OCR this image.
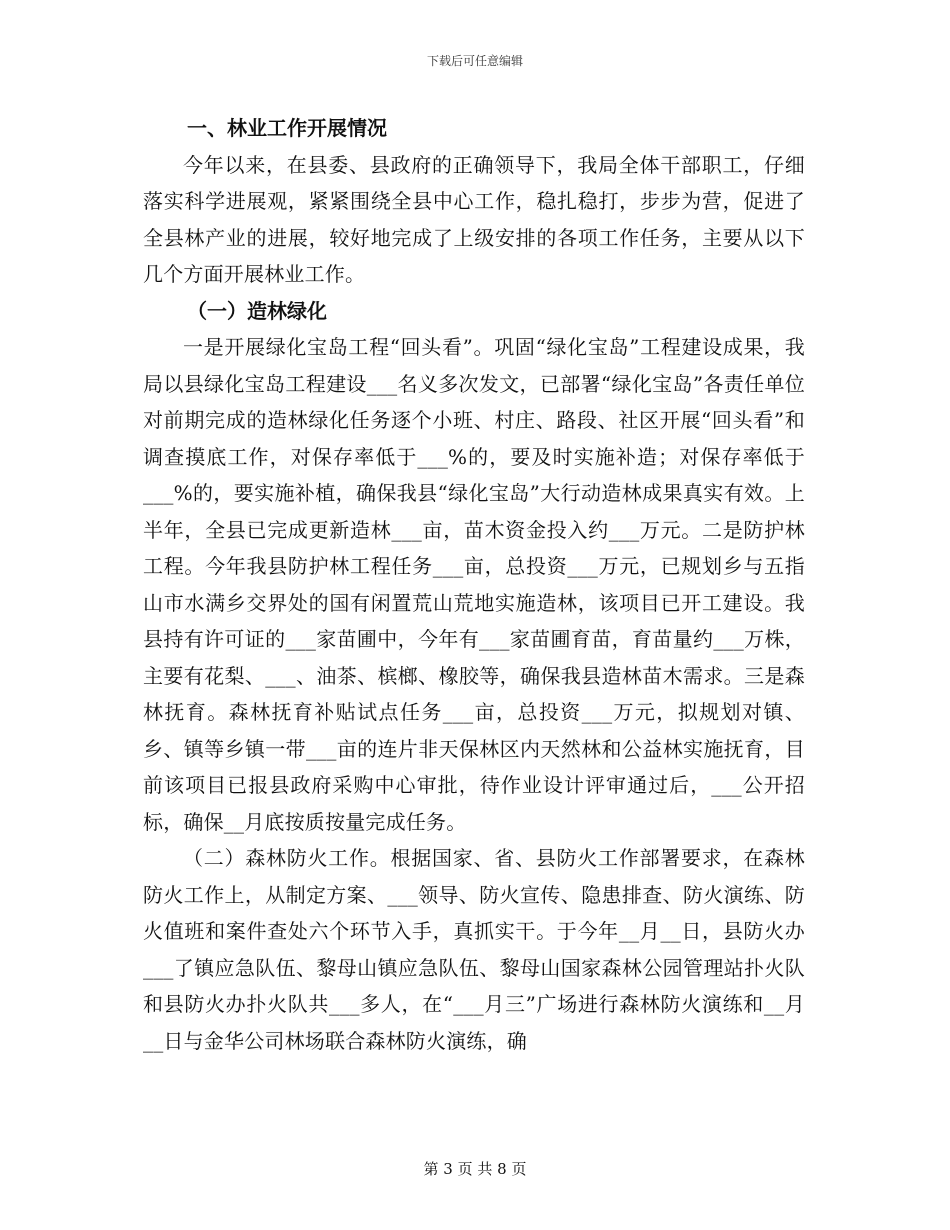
下载后可任意编辑

一、林业工作开展情况

今年以来，在县委、县政府的正确领导下，我局全体干部职工，仔细落实科学进展观，紧紧围绕全县中心工作，稳扎稳打，步步为营，促进了全县林产业的进展，较好地完成了上级安排的各项工作任务，主要从以下几个方面开展林业工作。

（一）造林绿化

一是开展绿化宝岛工程“回头看”。巩固“绿化宝岛”工程建设成果，我局以县绿化宝岛工程建设___名义多次发文，已部署“绿化宝岛”各责任单位对前期完成的造林绿化任务逐个小班、村庄、路段、社区开展“回头看”和调查摸底工作，对保存率低于___%的，要及时实施补造；对保存率低于___%的，要实施补植，确保我县“绿化宝岛”大行动造林成果真实有效。上半年，全县已完成更新造林___亩，苗木资金投入约___万元。二是防护林工程。今年我县防护林工程任务___亩，总投资___万元，已规划乡与五指山市水满乡交界处的国有闲置荒山荒地实施造林，该项目已开工建设。我县持有许可证的___家苗圃中，今年有___家苗圃育苗，育苗量约___万株，主要有花梨、___、油茶、槟榔、橡胶等，确保我县造林苗木需求。三是森林抚育。森林抚育补贴试点任务___亩，总投资___万元，拟规划对镇、乡、镇等乡镇一带___亩的连片非天保林区内天然林和公益林实施抚育，目前该项目已报县政府采购中心审批，待作业设计评审通过后，___公开招标，确保__月底按质按量完成任务。

（二）森林防火工作。根据国家、省、县防火工作部署要求，在森林防火工作上，从制定方案、___领导、防火宣传、隐患排查、防火演练、防火值班和案件查处六个环节入手，真抓实干。于今年__月__日，县防火办___了镇应急队伍、黎母山镇应急队伍、黎母山国家森林公园管理站扑火队和县防火办扑火队共___多人，在“___月三”广场进行森林防火演练和__月__日与金华公司林场联合森林防火演练，确

第 3 页 共 8 页
